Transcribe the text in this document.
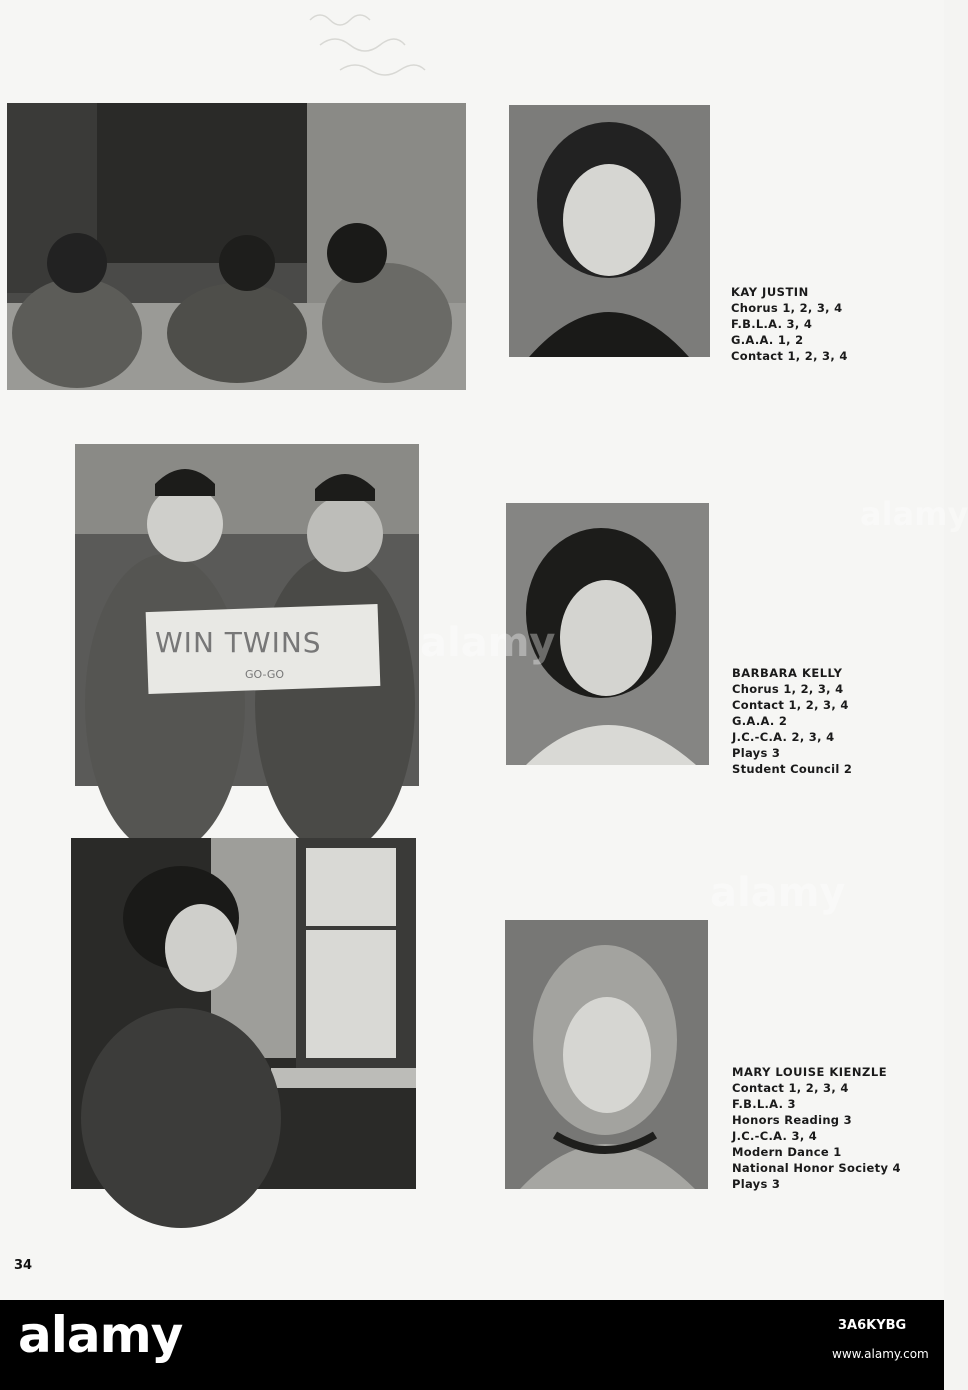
KAY JUSTIN
Chorus 1, 2, 3, 4
F.B.L.A. 3, 4
G.A.A. 1, 2
Contact 1, 2, 3, 4
WIN TWINS
GO-GO	BARBARA KELLY
Chorus 1, 2, 3, 4
Contact 1, 2, 3, 4
G.A.A. 2
J.C.-C.A. 2, 3, 4
Plays 3
Student Council 2
MARY LOUISE KIENZLE
Contact 1, 2, 3, 4
F.B.L.A. 3
Honors Reading 3
J.C.-C.A. 3, 4
Modern Dance 1
National Honor Society 4
Plays 3
34
alamy
alamy
alamy
alamy	3A6KYBG
www.alamy.com
